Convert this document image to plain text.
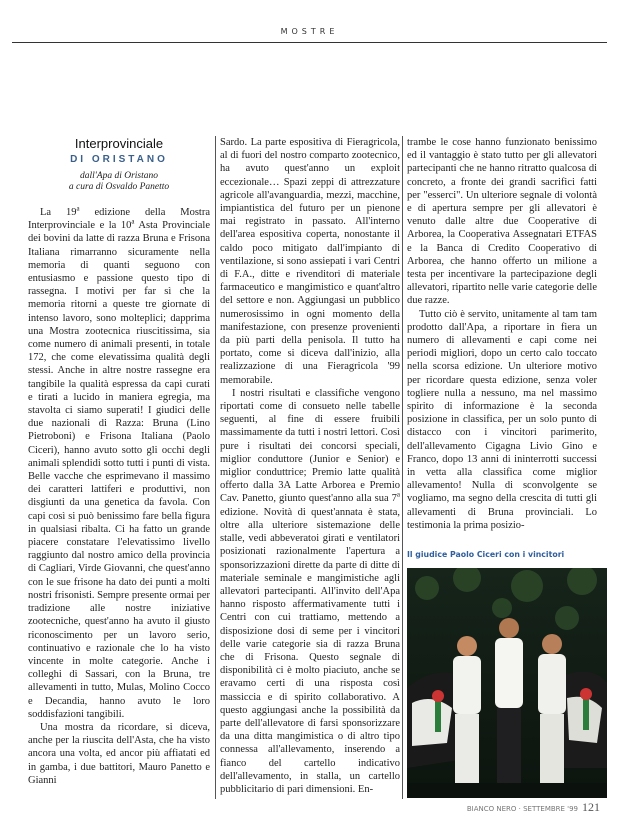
MOSTRE
Interprovinciale
DI ORISTANO
dall'Apa di Oristano
a cura di Osvaldo Panetto

La 19$^a$ edizione della Mostra Interprovinciale e la 10$^a$ Asta Provinciale dei bovini da latte di razza Bruna e Frisona Italiana rimarranno sicuramente nella memoria di quanti seguono con entusiasmo e passione questo tipo di rassegna. I motivi per far sì che la memoria ritorni a queste tre giornate di intenso lavoro, sono molteplici; dapprima una Mostra zootecnica riuscitissima, sia come numero di animali presenti, in totale 172, che come elevatissima qualità degli stessi. Anche in altre nostre rassegne era tangibile la qualità espressa da capi curati e tirati a lucido in maniera egregia, ma stavolta ci siamo superati! I giudici delle due nazionali di Razza: Bruna (Lino Pietroboni) e Frisona Italiana (Paolo Ciceri), hanno avuto sotto gli occhi degli animali splendidi sotto tutti i punti di vista. Belle vacche che esprimevano il massimo dei caratteri lattiferi e produttivi, non disgiunti da una genetica da favola. Con capi così si può benissimo fare bella figura in qualsiasi ribalta. Ci ha fatto un grande piacere constatare l'elevatissimo livello raggiunto dal nostro amico della provincia di Cagliari, Virde Giovanni, che quest'anno con le sue frisone ha dato dei punti a molti nostri frisonisti. Sempre presente ormai per tradizione alle nostre iniziative zootecniche, quest'anno ha avuto il giusto riconoscimento per un lavoro serio, continuativo e razionale che lo ha visto vincente in molte categorie. Anche i colleghi di Sassari, con la Bruna, tre allevamenti in tutto, Mulas, Molino Cocco e Decandia, hanno avuto le loro soddisfazioni tangibili.

Una mostra da ricordare, si diceva, anche per la riuscita dell'Asta, che ha visto ancora una volta, ed ancor più affiatati ed in gamba, i due battitori, Mauro Panetto e Gianni

Sardo. La parte espositiva di Fieragricola, al di fuori del nostro comparto zootecnico, ha avuto quest'anno un exploit eccezionale… Spazi zeppi di attrezzature agricole all'avanguardia, mezzi, macchine, impiantistica del futuro per un pienone mai registrato in passato. All'interno dell'area espositiva coperta, nonostante il caldo poco mitigato dall'impianto di ventilazione, si sono assiepati i vari Centri di F.A., ditte e rivenditori di materiale farmaceutico e mangimistico e quant'altro del settore e non. Aggiungasi un pubblico numerosissimo in ogni momento della manifestazione, con presenze provenienti da più parti della penisola. Il tutto ha portato, come si diceva dall'inizio, alla realizzazione di una Fieragricola '99 memorabile.

I nostri risultati e classifiche vengono riportati come di consueto nelle tabelle seguenti, al fine di essere fruibili massimamente da tutti i nostri lettori. Così pure i risultati dei concorsi speciali, miglior conduttore (Junior e Senior) e miglior conduttrice; Premio latte qualità offerto dalla 3A Latte Arborea e Premio Cav. Panetto, giunto quest'anno alla sua 7$^a$ edizione. Novità di quest'annata è stata, oltre alla ulteriore sistemazione delle stalle, vedi abbeveratoi girati e ventilatori posizionati razionalmente l'apertura a sponsorizzazioni dirette da parte di ditte di materiale seminale e mangimistiche agli allevatori partecipanti. All'invito dell'Apa hanno risposto affermativamente tutti i Centri con cui trattiamo, mettendo a disposizione dosi di seme per i vincitori delle varie categorie sia di razza Bruna che di Frisona. Questo segnale di disponibilità ci è molto piaciuto, anche se eravamo certi di una risposta così massiccia e di spirito collaborativo. A questo aggiungasi anche la possibilità da parte dell'allevatore di farsi sponsorizzare da una ditta mangimistica o di altro tipo connessa all'allevamento, inserendo a fianco del cartello indicativo dell'allevamento, in stalla, un cartello pubblicitario di pari dimensioni. En-

trambe le cose hanno funzionato benissimo ed il vantaggio è stato tutto per gli allevatori partecipanti che ne hanno ritratto qualcosa di concreto, a fronte dei grandi sacrifici fatti per "esserci". Un ulteriore segnale di volontà e di apertura sempre per gli allevatori è venuto dalle altre due Cooperative di Arborea, la Cooperativa Assegnatari ETFAS e la Banca di Credito Cooperativo di Arborea, che hanno offerto un milione a testa per incentivare la partecipazione degli allevatori, ripartito nelle varie categorie delle due razze.

Tutto ciò è servito, unitamente al tam tam prodotto dall'Apa, a riportare in fiera un numero di allevamenti e capi come nei periodi migliori, dopo un certo calo toccato nella scorsa edizione. Un ulteriore motivo per ricordare questa edizione, senza voler togliere nulla a nessuno, ma nel massimo spirito di informazione è la seconda posizione in classifica, per un solo punto di distacco con i vincitori parimerito, dell'allevamento Cigagna Livio Gino e Franco, dopo 13 anni di ininterrotti successi in vetta alla classifica come miglior allevamento! Nulla di sconvolgente se vogliamo, ma segno della crescita di tutti gli allevamenti di Bruna provinciali. Lo testimonia la prima posizio-

Il giudice Paolo Ciceri con i vincitori
BIANCO NERO · SETTEMBRE '99 121
